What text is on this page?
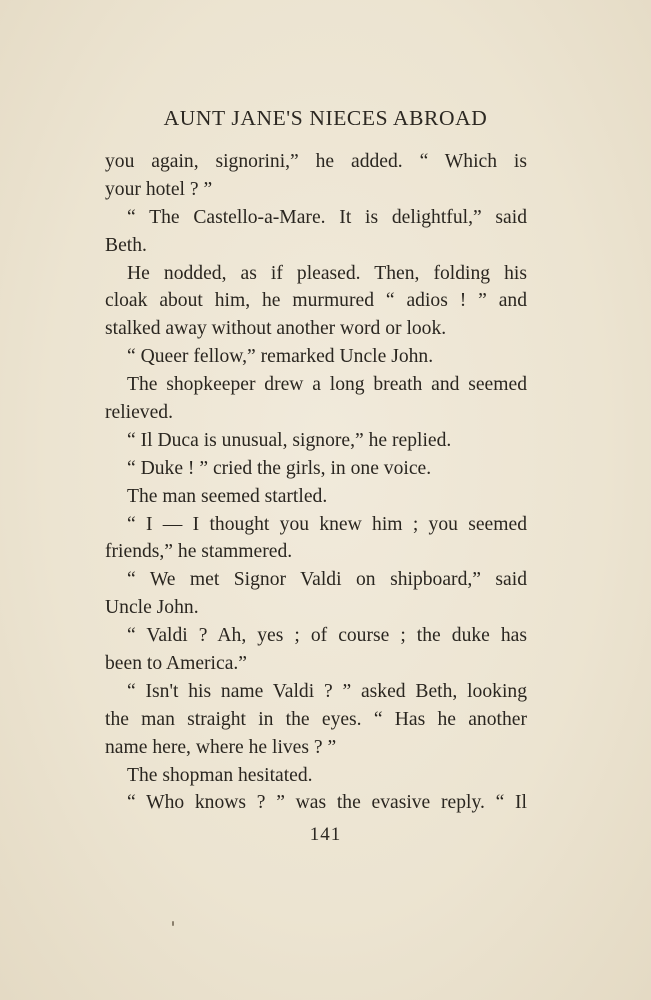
AUNT JANE'S NIECES ABROAD
you again, signorini,” he added. “ Which is
your hotel ? ”
“ The Castello-a-Mare. It is delightful,” said
Beth.
He nodded, as if pleased. Then, folding his
cloak about him, he murmured “ adios ! ” and
stalked away without another word or look.
“ Queer fellow,” remarked Uncle John.
The shopkeeper drew a long breath and seemed
relieved.
“ Il Duca is unusual, signore,” he replied.
“ Duke ! ” cried the girls, in one voice.
The man seemed startled.
“ I — I thought you knew him ; you seemed
friends,” he stammered.
“ We met Signor Valdi on shipboard,” said
Uncle John.
“ Valdi ? Ah, yes ; of course ; the duke has
been to America.”
“ Isn't his name Valdi ? ” asked Beth, looking
the man straight in the eyes. “ Has he another
name here, where he lives ? ”
The shopman hesitated.
“ Who knows ? ” was the evasive reply. “ Il
141
